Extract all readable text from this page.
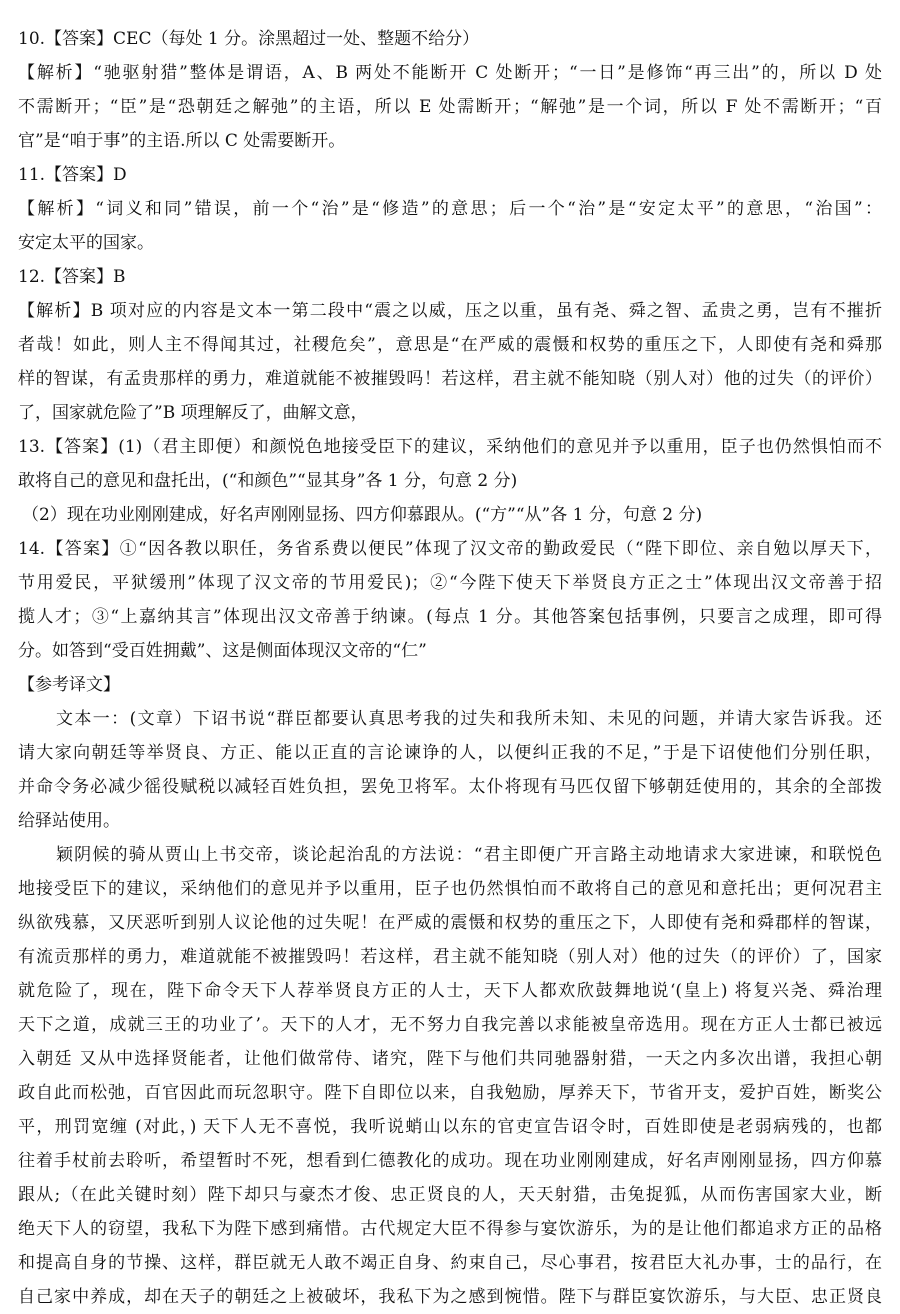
10.【答案】CEC（每处 1 分。涂黑超过一处、整题不给分）
【解析】“驰驱射猎”整体是谓语，A、B 两处不能断开 C 处断开；“一日”是修饰“再三出”的，所以 D 处
不需断开；“臣”是“恐朝廷之解弛”的主语，所以 E 处需断开；“解弛”是一个词，所以 F 处不需断开；“百
官”是“咱于事”的主语.所以 C 处需要断开。
11.【答案】D
【解析】“词义和同”错误，前一个“治”是“修造”的意思；后一个“治”是“安定太平”的意思，“治国”：
安定太平的国家。
12.【答案】B
【解析】B 项对应的内容是文本一第二段中“震之以威，压之以重，虽有尧、舜之智、孟贵之勇，岂有不摧折
者哉！如此，则人主不得闻其过，社稷危矣”，意思是“在严威的震慑和权势的重压之下，人即使有尧和舜那
样的智谋，有孟贵那样的勇力，难道就能不被摧毁吗！若这样，君主就不能知晓（别人对）他的过失（的评价）
了，国家就危险了”B 项理解反了，曲解文意，
13.【答案】(1)（君主即便）和颜悦色地接受臣下的建议，采纳他们的意见并予以重用，臣子也仍然惧怕而不
敢将自己的意见和盘托出，(“和颜色”“显其身”各 1 分，句意 2 分)
（2）现在功业刚刚建成，好名声刚刚显扬、四方仰慕跟从。(“方”“从”各 1 分，句意 2 分)
14.【答案】①“因各教以职任，务省系费以便民”体现了汉文帝的勤政爱民（“陛下即位、亲自勉以厚天下，
节用爱民，平狱缓刑”体现了汉文帝的节用爱民)；②“今陛下使天下举贤良方正之士”体现出汉文帝善于招
揽人才；③“上嘉纳其言”体现出汉文帝善于纳谏。(每点 1 分。其他答案包括事例，只要言之成理，即可得
分。如答到“受百姓拥戴”、这是侧面体现汉文帝的“仁”
【参考译文】
文本一：(文章）下诏书说“群臣都要认真思考我的过失和我所未知、未见的问题，并请大家告诉我。还
请大家向朝廷等举贤良、方正、能以正直的言论谏诤的人，以便纠正我的不足，”于是下诏使他们分别任职，
并命令务必减少徭役赋税以减轻百姓负担，罢免卫将军。太仆将现有马匹仅留下够朝廷使用的，其余的全部拨
给驿站使用。
颖阴候的骑从贾山上书交帝，谈论起治乱的方法说：“君主即便广开言路主动地请求大家进谏，和联悦色
地接受臣下的建议，采纳他们的意见并予以重用，臣子也仍然惧怕而不敢将自己的意见和意托出；更何况君主
纵欲残慕，又厌恶听到别人议论他的过失呢！在严威的震慑和权势的重压之下，人即使有尧和舜郡样的智谋，
有流贡那样的勇力，难道就能不被摧毁吗！若这样，君主就不能知晓（别人对）他的过失（的评价）了，国家
就危险了，现在，陛下命令天下人荐举贤良方正的人士，天下人都欢欣鼓舞地说‘(皇上) 将复兴尧、舜治理
天下之道，成就三王的功业了’。天下的人才，无不努力自我完善以求能被皇帝选用。现在方正人士都已被远
入朝廷 又从中选择贤能者，让他们做常侍、诸究，陛下与他们共同驰器射猎，一天之内多次出谱，我担心朝
政自此而松弛，百官因此而玩忽职守。陛下自即位以来，自我勉励，厚养天下，节省开支，爱护百姓，断奖公
平，刑罚宽缠 (对此，) 天下人无不喜悦，我听说蛸山以东的官吏宣告诏令时，百姓即使是老弱病残的，也都
往着手杖前去聆听，希望暂时不死，想看到仁德教化的成功。现在功业刚刚建成，好名声刚刚显扬，四方仰慕
跟从;（在此关键时刻）陛下却只与豪杰才俊、忠正贤良的人，天天射猎，击兔捉狐，从而伤害国家大业，断
绝天下人的窃望，我私下为陛下感到痛惜。古代规定大臣不得参与宴饮游乐，为的是让他们都追求方正的品格
和提高自身的节操、这样，群臣就无人敢不竭正自身、約束自己，尽心事君，按君臣大礼办事，士的品行，在
自己家中养成，却在天子的朝廷之上被破坏，我私下为之感到惋惜。陛下与群臣宴饮游乐，与大臣、忠正贤良
